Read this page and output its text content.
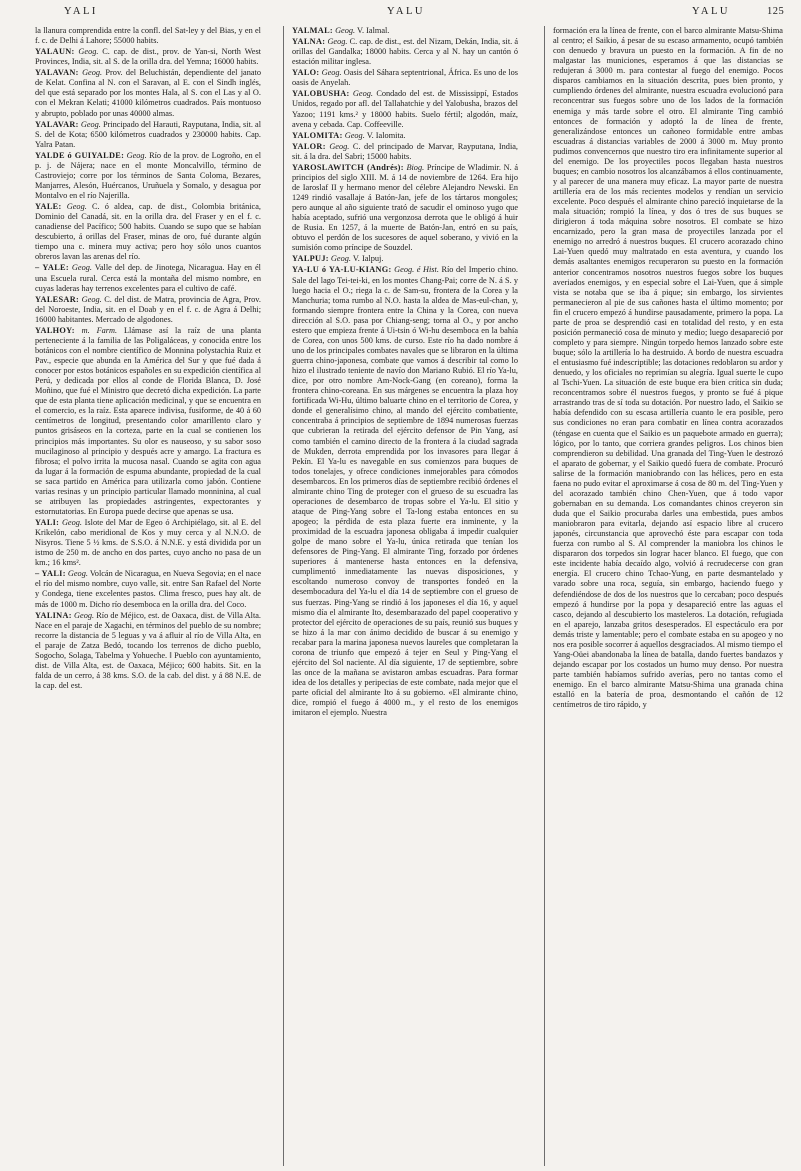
YALI	YALU	YALU	125

la llanura comprendida entre la confl. del Sat-ley y del Bias, y en el f. c. de Delhi á Lahore; 55000 habits.

YALAUN: Geog. C. cap. de dist., prov. de Yan-si, North West Provinces, India, sit. al S. de la orilla dra. del Yemna; 16000 habits.

YALAVAN: Geog. Prov. del Beluchistán, dependiente del janato de Kelat. Confina al N. con el Saravan, al E. con el Sindh inglés, del que está separado por los montes Hala, al S. con el Las y al O. con el Mekran Kelati; 41000 kilómetros cuadrados. País montuoso y abrupto, poblado por unas 40000 almas.

YALAVAR: Geog. Principado del Harauti, Rayputana, India, sit. al S. del de Kota; 6500 kilómetros cuadrados y 230000 habits. Cap. Yalra Patan.

YALDE ó GUIYALDE: Geog. Río de la prov. de Logroño, en el p. j. de Nájera; nace en el monte Moncalvillo, término de Castroviejo; corre por los términos de Santa Coloma, Bezares, Manjarres, Alesón, Huércanos, Uruñuela y Somalo, y desagua por Montalvo en el río Najerilla.

YALE: Geog. C. ó aldea, cap. de dist., Colombia británica, Dominio del Canadá, sit. en la orilla dra. del Fraser y en el f. c. canadiense del Pacífico; 500 habits. Cuando se supo que se habían descubierto, á orillas del Fraser, minas de oro, fué durante algún tiempo una c. minera muy activa; pero hoy sólo unos cuantos obreros lavan las arenas del río.

– YALE: Geog. Valle del dep. de Jinotega, Nicaragua. Hay en él una Escuela rural. Cerca está la montaña del mismo nombre, en cuyas laderas hay terrenos excelentes para el cultivo de café.

YALESAR: Geog. C. del dist. de Matra, provincia de Agra, Prov. del Noroeste, India, sit. en el Doab y en el f. c. de Agra á Delhi; 16000 habitantes. Mercado de algodones.

YALHOY: m. Farm. Llámase así la raíz de una planta perteneciente á la familia de las Poligaláceas, y conocida entre los botánicos con el nombre científico de Monnina polystachia Ruiz et Pav., especie que abunda en la América del Sur y que fué dada á conocer por estos botánicos españoles en su expedición científica al Perú, y dedicada por ellos al conde de Florida Blanca, D. José Moñino, que fué el Ministro que decretó dicha expedición. La parte que de esta planta tiene aplicación medicinal, y que se encuentra en el comercio, es la raíz. Esta aparece indivisa, fusiforme, de 40 á 60 centímetros de longitud, presentando color amarillento claro y puntos grisáseos en la corteza, parte en la cual se contienen los principios más importantes. Su olor es nauseoso, y su sabor soso mucilaginoso al principio y después acre y amargo. La fractura es fibrosa; el polvo irrita la mucosa nasal. Cuando se agita con agua da lugar á la formación de espuma abundante, propiedad de la cual se saca partido en América para utilizarla como jabón. Contiene varias resinas y un principio particular llamado monninina, al cual se atribuyen las propiedades astringentes, expectorantes y estornutatorias. En Europa puede decirse que apenas se usa.

YALI: Geog. Islote del Mar de Egeo ó Archipiélago, sit. al E. del Krikelón, cabo meridional de Kos y muy cerca y al N.N.O. de Nisyros. Tiene 5 ½ kms. de S.S.O. á N.N.E. y está dividida por un istmo de 250 m. de ancho en dos partes, cuyo ancho no pasa de un km.; 16 kms².

– YALI: Geog. Volcán de Nicaragua, en Nueva Segovia; en el nace el río del mismo nombre, cuyo valle, sit. entre San Rafael del Norte y Condega, tiene excelentes pastos. Clima fresco, pues hay alt. de más de 1000 m. Dicho río desemboca en la orilla dra. del Coco.

YALINA: Geog. Río de Méjico, est. de Oaxaca, dist. de Villa Alta. Nace en el paraje de Xagachi, en términos del pueblo de su nombre; recorre la distancia de 5 leguas y va á afluir al río de Villa Alta, en el paraje de Zatza Bedó, tocando los terrenos de dicho pueblo, Sogocho, Solaga, Tabelma y Yohueche. ‖ Pueblo con ayuntamiento, dist. de Villa Alta, est. de Oaxaca, Méjico; 600 habits. Sit. en la falda de un cerro, á 38 kms. S.O. de la cab. del dist. y á 88 N.E. de la cap. del est.

YALMAL: Geog. V. Ialmal.

YALNA: Geog. C. cap. de dist., est. del Nizam, Dekán, India, sit. á orillas del Gandalka; 18000 habits. Cerca y al N. hay un cantón ó estación militar inglesa.

YALO: Geog. Oasis del Sáhara septentrional, África. Es uno de los oasis de Anyelah.

YALOBUSHA: Geog. Condado del est. de Mississippí, Estados Unidos, regado por afl. del Tallahatchie y del Yalobusha, brazos del Yazoo; 1191 kms.² y 18000 habits. Suelo fértil; algodón, maíz, avena y cebada. Cap. Coffeeville.

YALOMITA: Geog. V. Ialomita.

YALOR: Geog. C. del principado de Marvar, Rayputana, India, sit. á la dra. del Sabri; 15000 habits.

YAROSLAWITCH (Andrés): Biog. Príncipe de Wladimir. N. á principios del siglo XIII. M. á 14 de noviembre de 1264. Era hijo de Iaroslaf II y hermano menor del célebre Alejandro Newski. En 1249 rindió vasallaje á Batón-Jan, jefe de los tártaros mongoles; pero aunque al año siguiente trató de sacudir el ominoso yugo que había aceptado, sufrió una vergonzosa derrota que le obligó á huir de Rusia. En 1257, á la muerte de Batón-Jan, entró en su país, obtuvo el perdón de los sucesores de aquel soberano, y vivió en la sumisión como príncipe de Souzdel.

YALPUJ: Geog. V. Ialpuj.

YA-LU ó YA-LU-KIANG: Geog. é Hist. Río del Imperio chino. Sale del lago Tei-tei-ki, en los montes Chang-Pai; corre de N. á S. y luego hacia el O.; riega la c. de Sam-su, frontera de la Corea y la Manchuria; toma rumbo al N.O. hasta la aldea de Mas-eul-chan, y, formando siempre frontera entre la China y la Corea, con nueva dirección al S.O. pasa por Chiang-seng; torna al O., y por ancho estero que empieza frente á Ui-tsin ó Wi-hu desemboca en la bahía de Corea, con unos 500 kms. de curso. Este río ha dado nombre á uno de los principales combates navales que se libraron en la última guerra chino-japonesa, combate que vamos á describir tal como lo hizo el ilustrado teniente de navío don Mariano Rubió. El río Ya-lu, dice, por otro nombre Am-Nock-Gang (en coreano), forma la frontera chino-coreana. En sus márgenes se encuentra la plaza hoy fortificada Wi-Hu, último baluarte chino en el territorio de Corea, y donde el generalísimo chino, al mando del ejército combatiente, concentraba á principios de septiembre de 1894 numerosas fuerzas que cubrieran la retirada del ejército defensor de Pin Yang, así como también el camino directo de la frontera á la ciudad sagrada de Mukden, derrota emprendida por los invasores para llegar á Pekín. El Ya-lu es navegable en sus comienzos para buques de todos tonelajes, y ofrece condiciones inmejorables para cómodos desembarcos. En los primeros días de septiembre recibió órdenes el almirante chino Ting de proteger con el grueso de su escuadra las operaciones de desembarco de tropas sobre el Ya-lu. El sitio y ataque de Ping-Yang sobre el Ta-long estaba entonces en su apogeo; la pérdida de esta plaza fuerte era inminente, y la proximidad de la escuadra japonesa obligaba á impedir cualquier golpe de mano sobre el Ya-lu, única retirada que tenían los defensores de Ping-Yang. El almirante Ting, forzado por órdenes superiores á mantenerse hasta entonces en la defensiva, cumplimentó inmediatamente las nuevas disposiciones, y escoltando numeroso convoy de transportes fondeó en la desembocadura del Ya-lu el día 14 de septiembre con el grueso de sus fuerzas. Ping-Yang se rindió á los japoneses el día 16, y aquel mismo día el almirante Ito, desembarazado del papel cooperativo y protector del ejército de operaciones de su país, reunió sus buques y se hizo á la mar con ánimo decidido de buscar á su enemigo y recabar para la marina japonesa nuevos laureles que completaran la corona de triunfo que empezó á tejer en Seul y Ping-Yang el ejército del Sol naciente. Al día siguiente, 17 de septiembre, sobre las once de la mañana se avistaron ambas escuadras. Para formar idea de los detalles y peripecias de este combate, nada mejor que el parte oficial del almirante Ito á su gobierno. «El almirante chino, dice, rompió el fuego á 4000 m., y el resto de los enemigos imitaron el ejemplo. Nuestra

formación era la línea de frente, con el barco almirante Matsu-Shima al centro; el Saikio, á pesar de su escaso armamento, ocupó también con denuedo y bravura un puesto en la formación. A fin de no malgastar las municiones, esperamos á que las distancias se redujeran á 3000 m. para contestar al fuego del enemigo. Pocos disparos cambiamos en la situación descrita, pues bien pronto, y cumpliendo órdenes del almirante, nuestra escuadra evolucionó para reconcentrar sus fuegos sobre uno de los lados de la formación enemiga y más tarde sobre el otro. El almirante Ting cambió entonces de formación y adoptó la de línea de frente, generalizándose entonces un cañoneo formidable entre ambas escuadras á distancias variables de 2000 á 3000 m. Muy pronto pudimos convencernos que nuestro tiro era infinitamente superior al del enemigo. De los proyectiles pocos llegaban hasta nuestros buques; en cambio nosotros los alcanzábamos á ellos continuamente, y al parecer de una manera muy eficaz. La mayor parte de nuestra artillería era de los más recientes modelos y rendían un servicio excelente. Poco después el almirante chino pareció inquietarse de la mala situación; rompió la línea, y dos ó tres de sus buques se dirigieron á toda máquina sobre nosotros. El combate se hizo encarnizado, pero la gran masa de proyectiles lanzada por el enemigo no arredró á nuestros buques. El crucero acorazado chino Lai-Yuen quedó muy maltratado en esta aventura, y cuando los demás asaltantes enemigos recuperaron su puesto en la formación anterior concentramos nosotros nuestros fuegos sobre los buques averiados enemigos, y en especial sobre el Lai-Yuen, que á simple vista se notaba que se iba á pique; sin embargo, los sirvientes permanecieron al pie de sus cañones hasta el último momento; por fin el crucero empezó á hundirse pausadamente, primero la popa. La parte de proa se desprendió casi en totalidad del resto, y en esta posición permaneció cosa de minuto y medio; luego desapareció por completo y para siempre. Ningún torpedo hemos lanzado sobre este buque; sólo la artillería lo ha destruido. A bordo de nuestra escuadra el entusiasmo fué indescriptible; las dotaciones redoblaron su ardor y denuedo, y los oficiales no reprimían su alegría. Igual suerte le cupo al Tschi-Yuen. La situación de este buque era bien crítica sin duda; reconcentramos sobre él nuestros fuegos, y pronto se fué á pique arrastrando tras de sí toda su dotación. Por nuestro lado, el Saikio se había defendido con su escasa artillería cuanto le era posible, pero sus condiciones no eran para combatir en línea contra acorazados (téngase en cuenta que el Saikio es un paquebote armado en guerra); lógico, por lo tanto, que corriera grandes peligros. Los chinos bien comprendieron su debilidad. Una granada del Ting-Yuen le destrozó el aparato de gobernar, y el Saikio quedó fuera de combate. Procuró salirse de la formación maniobrando con las hélices, pero en esta faena no pudo evitar el aproximarse á cosa de 80 m. del Ting-Yuen y del acorazado también chino Chen-Yuen, que á todo vapor gobernaban en su demanda. Los comandantes chinos creyeron sin duda que el Saikio procuraba darles una embestida, pues ambos maniobraron para evitarla, dejando así espacio libre al crucero japonés, circunstancia que aprovechó éste para escapar con toda fuerza con rumbo al S. Al comprender la maniobra los chinos le dispararon dos torpedos sin lograr hacer blanco. El fuego, que con este incidente había decaído algo, volvió á recrudecerse con gran energía. El crucero chino Tchao-Yung, en parte desmantelado y varado sobre una roca, seguía, sin embargo, haciendo fuego y defendiéndose de dos de los nuestros que lo cercaban; poco después empezó á hundirse por la popa y desapareció entre las aguas el casco, dejando al descubierto los masteleros. La dotación, refugiada en el aparejo, lanzaba gritos desesperados. El espectáculo era por demás triste y lamentable; pero el combate estaba en su apogeo y no nos era posible socorrer á aquellos desgraciados. Al mismo tiempo el Yang-Oüei abandonaba la línea de batalla, dando fuertes bandazos y dejando escapar por los costados un humo muy denso. Por nuestra parte también habíamos sufrido averías, pero no tantas como el enemigo. En el barco almirante Matsu-Shima una granada china estalló en la batería de proa, desmontando el cañón de 12 centímetros de tiro rápido, y
